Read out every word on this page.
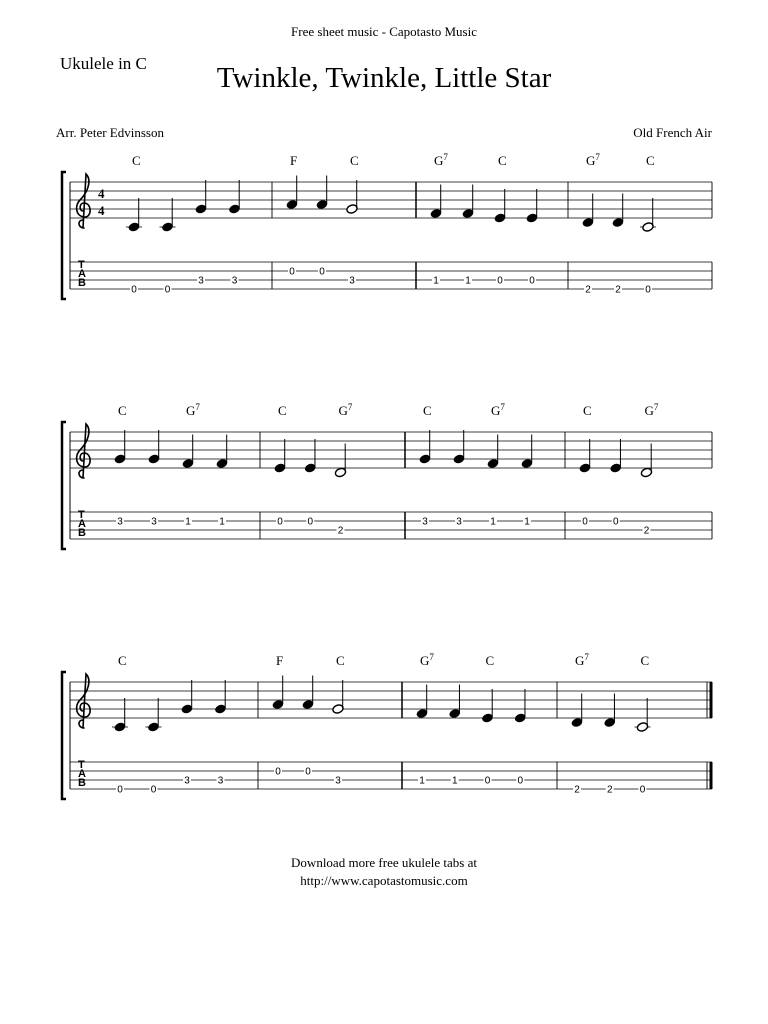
Free sheet music - Capotasto Music
Ukulele in C	Twinkle, Twinkle, Little Star
Arr. Peter Edvinsson	Old French Air
T
A
B
4
4
C
0	0
3	3
F	C
0 0
3
$G^7$	C
1	1	0	0
$G^7$	C
2 2 0
T
A
B
C	$G^7$
3	3	1	1
C	$G^7$
0 0
2
C	$G^7$
3	3	1	1
C	$G^7$
0	0
2
T
A
B
C
0	0
3	3
F	C
0 0
3
$G^7$	C
1	1	0	0
$G^7$	C
2	2	0
Download more free ukulele tabs at
http://www.capotastomusic.com
